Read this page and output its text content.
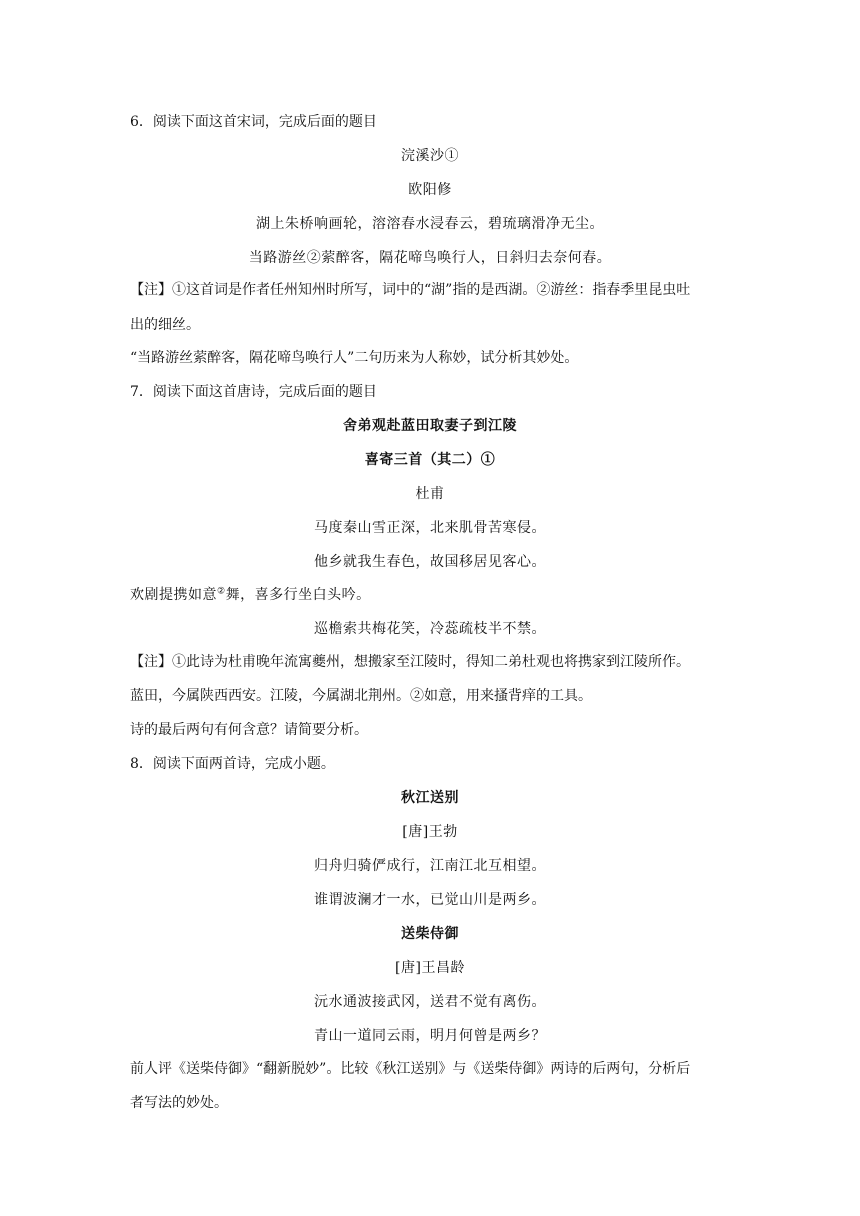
6．阅读下面这首宋词，完成后面的题目
浣溪沙①
欧阳修
湖上朱桥响画轮，溶溶春水浸春云，碧琉璃滑净无尘。
当路游丝②萦醉客，隔花啼鸟唤行人，日斜归去奈何春。
【注】①这首词是作者任州知州时所写，词中的“湖”指的是西湖。②游丝：指春季里昆虫吐
出的细丝。
“当路游丝萦醉客，隔花啼鸟唤行人”二句历来为人称妙，试分析其妙处。
7．阅读下面这首唐诗，完成后面的题目
舍弟观赴蓝田取妻子到江陵
喜寄三首（其二）①
杜甫
马度秦山雪正深，北来肌骨苦寒侵。
他乡就我生春色，故国移居见客心。
欢剧提携如意②舞，喜多行坐白头吟。
巡檐索共梅花笑，冷蕊疏枝半不禁。
【注】①此诗为杜甫晚年流寓夔州，想搬家至江陵时，得知二弟杜观也将携家到江陵所作。
蓝田，今属陕西西安。江陵，今属湖北荆州。②如意，用来搔背痒的工具。
诗的最后两句有何含意？请简要分析。
8．阅读下面两首诗，完成小题。
秋江送别
[唐]王勃
归舟归骑俨成行，江南江北互相望。
谁谓波澜才一水，已觉山川是两乡。
送柴侍御
[唐]王昌龄
沅水通波接武冈，送君不觉有离伤。
青山一道同云雨，明月何曾是两乡？
前人评《送柴侍御》“翻新脱妙”。比较《秋江送别》与《送柴侍御》两诗的后两句，分析后
者写法的妙处。
